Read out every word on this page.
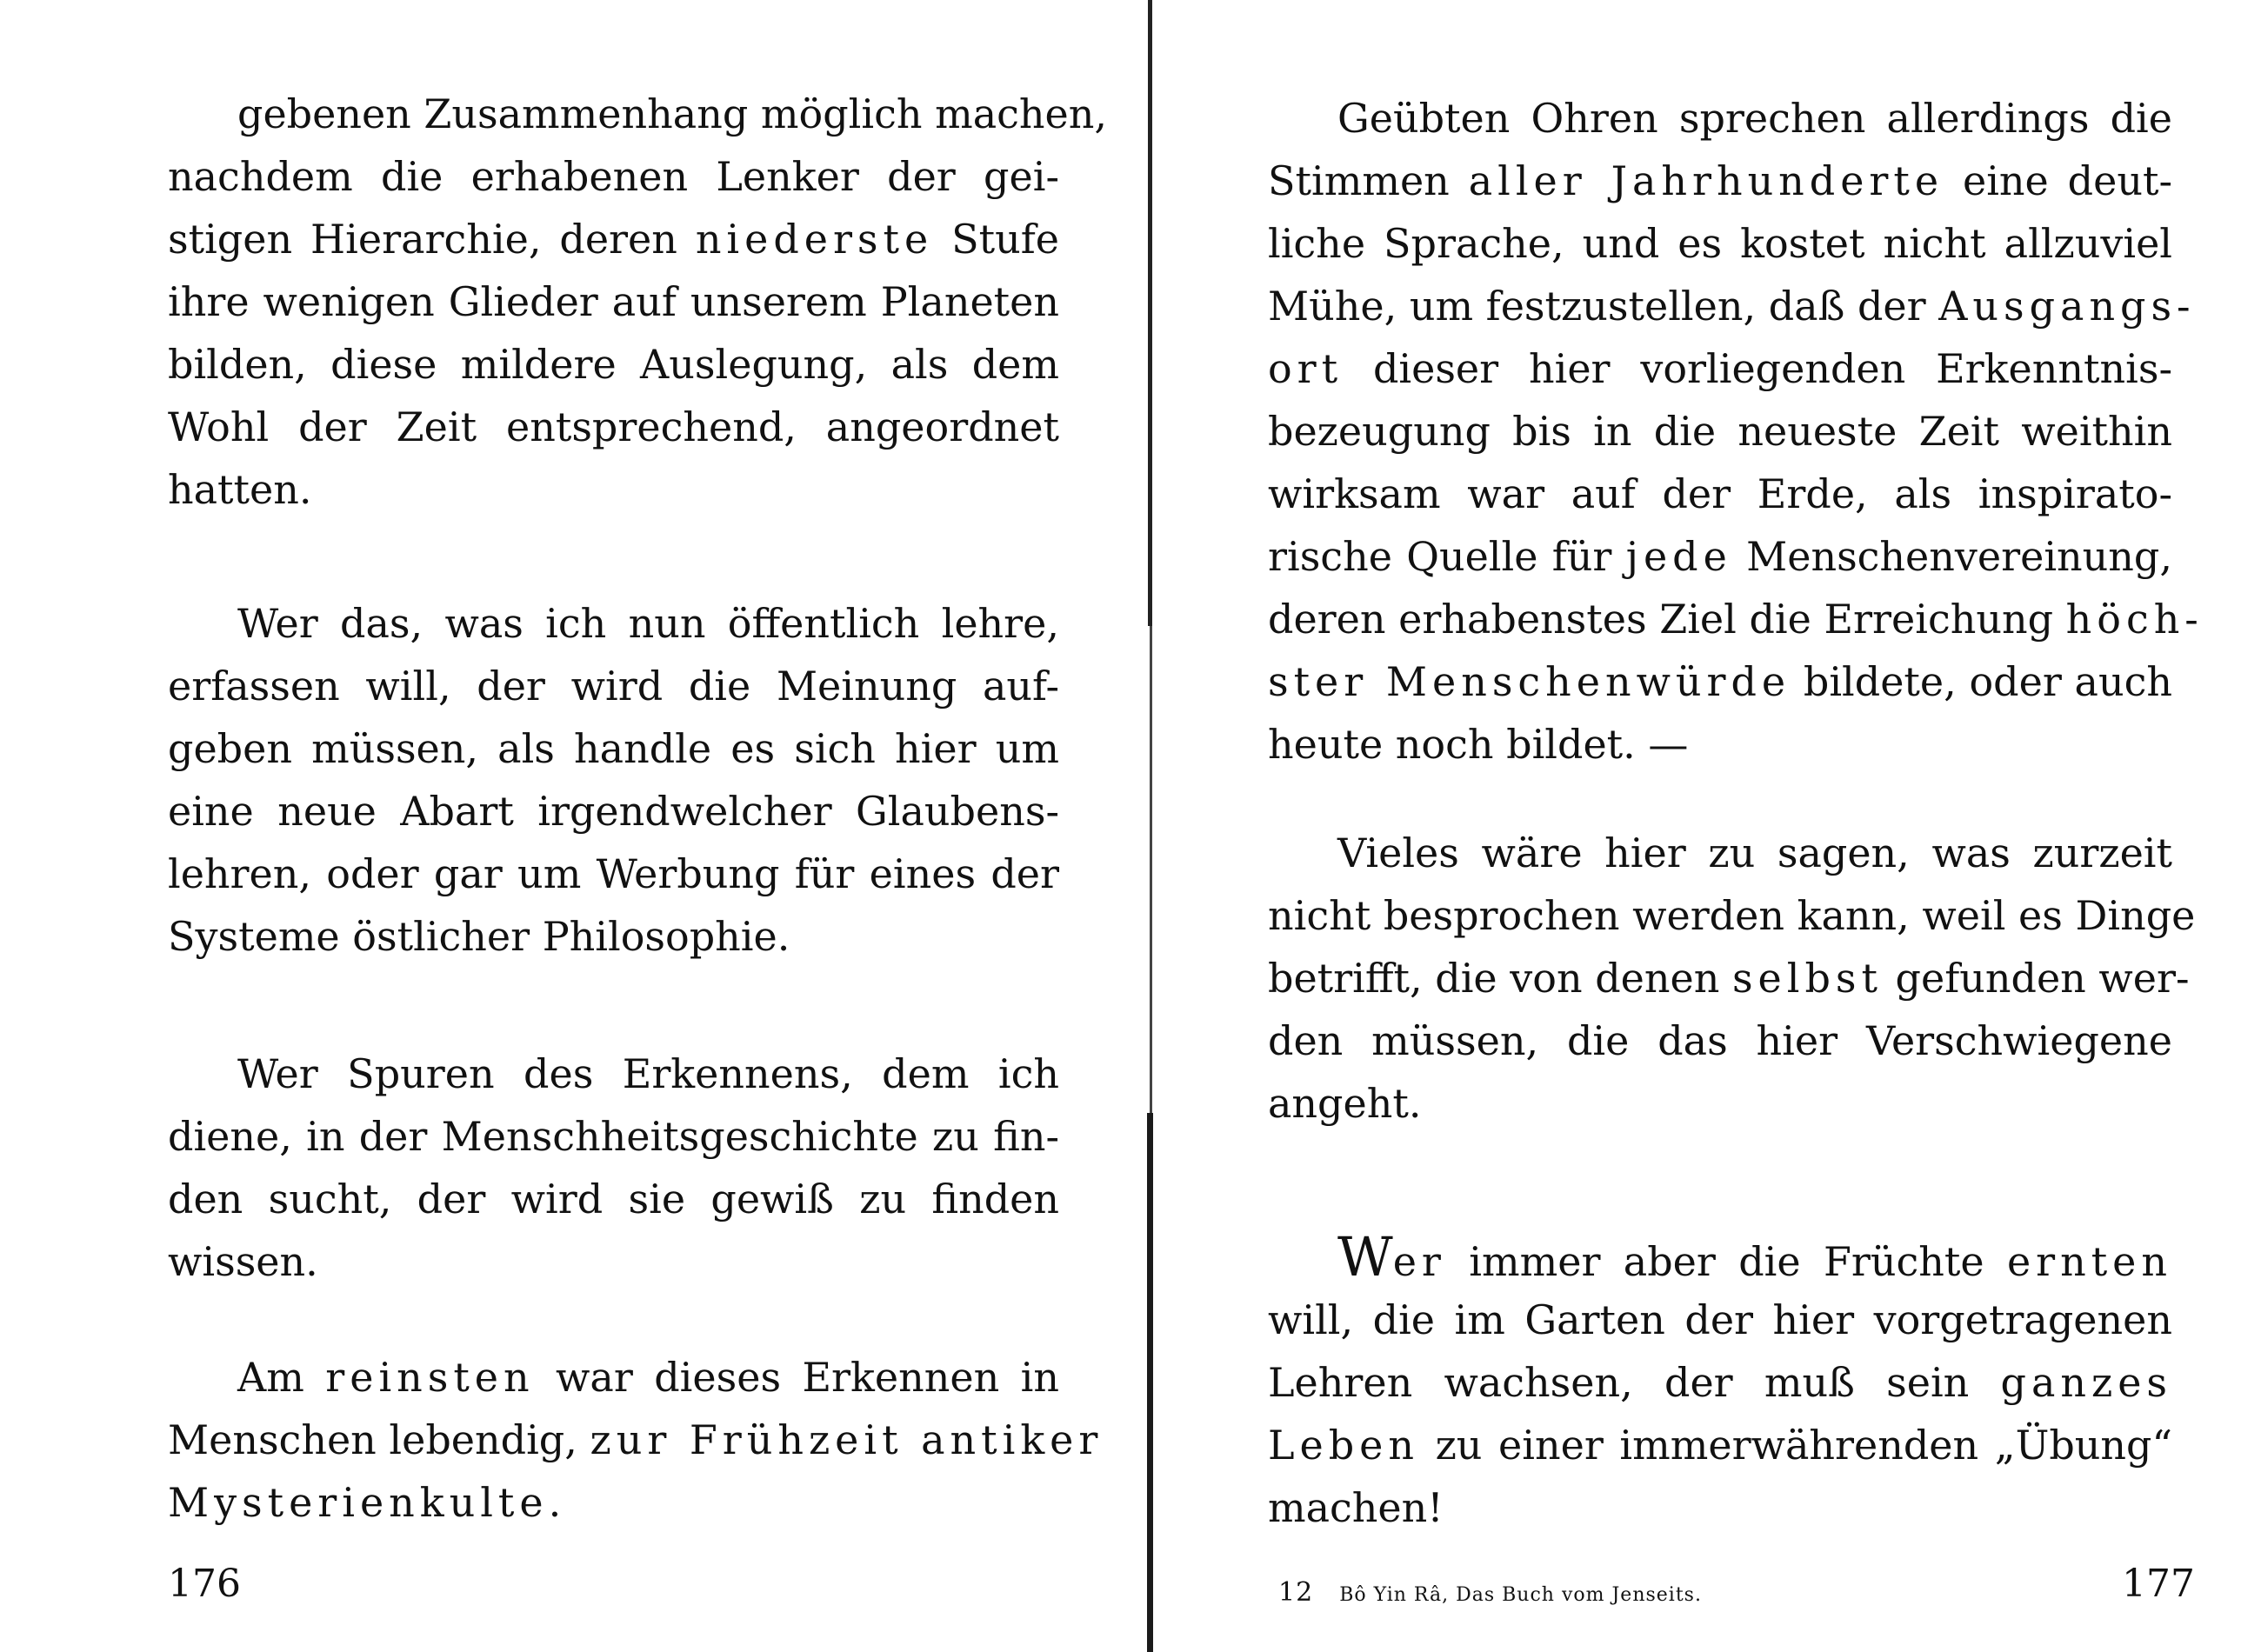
gebenen Zusammenhang möglich machen,
nachdem die erhabenen Lenker der gei-
stigen Hierarchie, deren niederste Stufe
ihre wenigen Glieder auf unserem Planeten
bilden, diese mildere Auslegung, als dem
Wohl der Zeit entsprechend, angeordnet
hatten.

Wer das, was ich nun öffentlich lehre,
erfassen will, der wird die Meinung auf-
geben müssen, als handle es sich hier um
eine neue Abart irgendwelcher Glaubens-
lehren, oder gar um Werbung für eines der
Systeme östlicher Philosophie.

Wer Spuren des Erkennens, dem ich
diene, in der Menschheitsgeschichte zu fin-
den sucht, der wird sie gewiß zu finden
wissen.

Am reinsten war dieses Erkennen in
Menschen lebendig, zur Frühzeit antiker
Mysterienkulte.

176

Geübten Ohren sprechen allerdings die
Stimmen aller Jahrhunderte eine deut-
liche Sprache, und es kostet nicht allzuviel
Mühe, um festzustellen, daß der Ausgangs-
ort dieser hier vorliegenden Erkenntnis-
bezeugung bis in die neueste Zeit weithin
wirksam war auf der Erde, als inspirato-
rische Quelle für jede Menschenvereinung,
deren erhabenstes Ziel die Erreichung höch-
ster Menschenwürde bildete, oder auch
heute noch bildet. —

Vieles wäre hier zu sagen, was zurzeit
nicht besprochen werden kann, weil es Dinge
betrifft, die von denen selbst gefunden wer-
den müssen, die das hier Verschwiegene
angeht.

Wer immer aber die Früchte ernten
will, die im Garten der hier vorgetragenen
Lehren wachsen, der muß sein ganzes
Leben zu einer immerwährenden „Übung“
machen!

12 Bô Yin Râ, Das Buch vom Jenseits.	177
